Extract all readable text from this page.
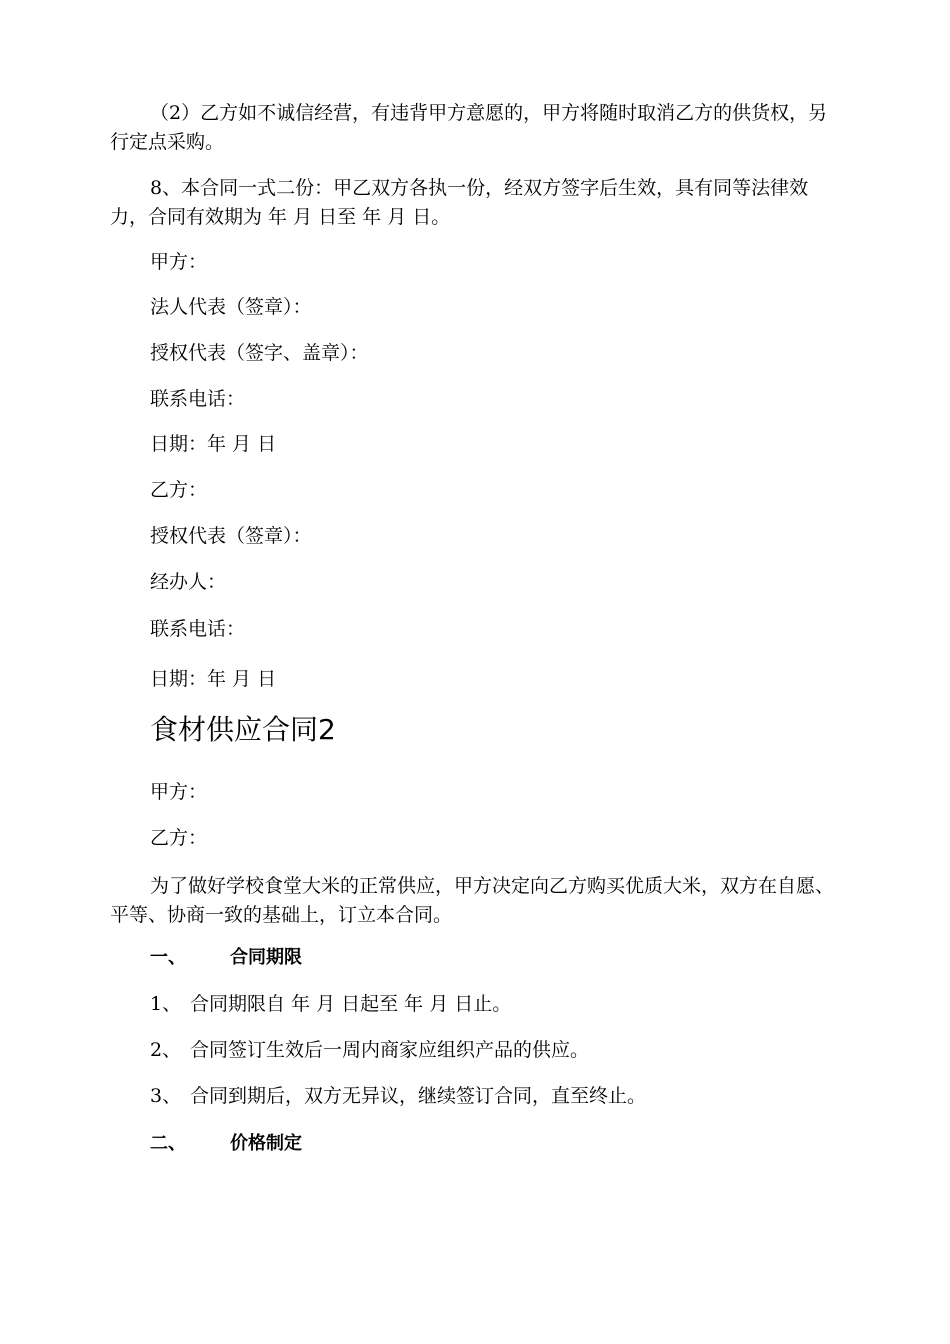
（2）乙方如不诚信经营，有违背甲方意愿的，甲方将随时取消乙方的供货权，另行定点采购。
8、本合同一式二份：甲乙双方各执一份，经双方签字后生效，具有同等法律效力，合同有效期为 年 月 日至 年 月 日。
甲方：
法人代表（签章）：
授权代表（签字、盖章）：
联系电话：
日期：年 月 日
乙方：
授权代表（签章）：
经办人：
联系电话：
日期：年 月 日
食材供应合同2
甲方：
乙方：
为了做好学校食堂大米的正常供应，甲方决定向乙方购买优质大米，双方在自愿、平等、协商一致的基础上，订立本合同。
一、 合同期限
1、 合同期限自 年 月 日起至 年 月 日止。
2、 合同签订生效后一周内商家应组织产品的供应。
3、 合同到期后，双方无异议，继续签订合同，直至终止。
二、 价格制定
